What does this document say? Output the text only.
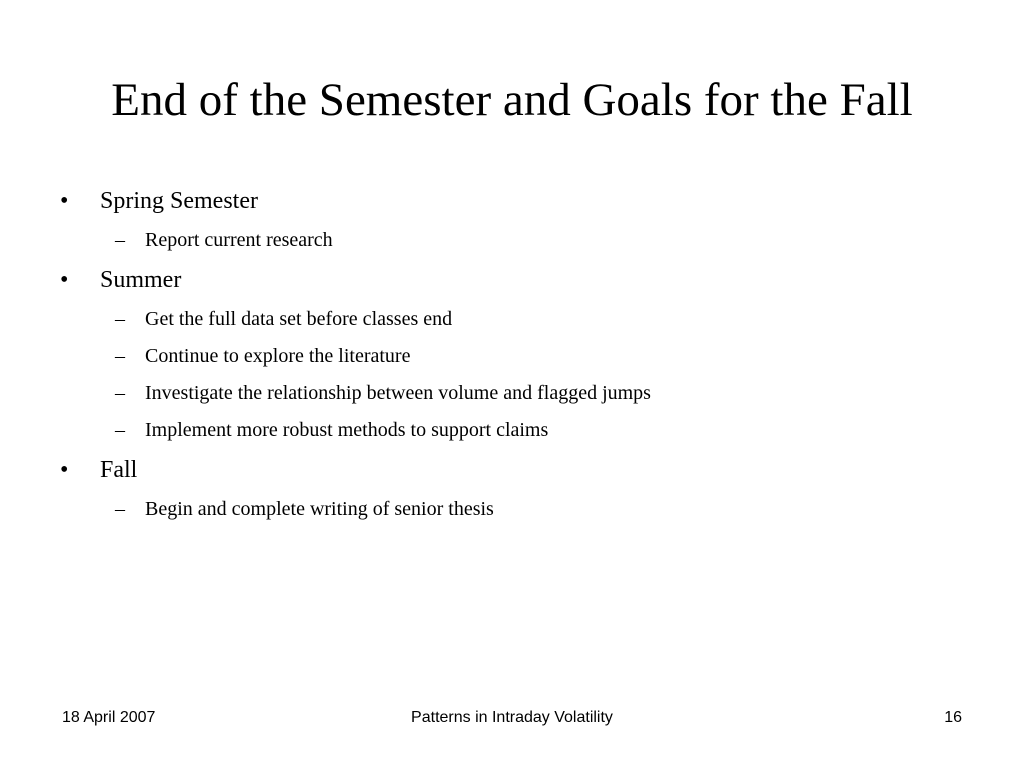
End of the Semester and Goals for the Fall
•	Spring Semester
–	Report current research
•	Summer
–	Get the full data set before classes end
–	Continue to explore the literature
–	Investigate the relationship between volume and flagged jumps
–	Implement more robust methods to support claims
•	Fall
–	Begin and complete writing of senior thesis
18 April 2007	Patterns in Intraday Volatility	16
